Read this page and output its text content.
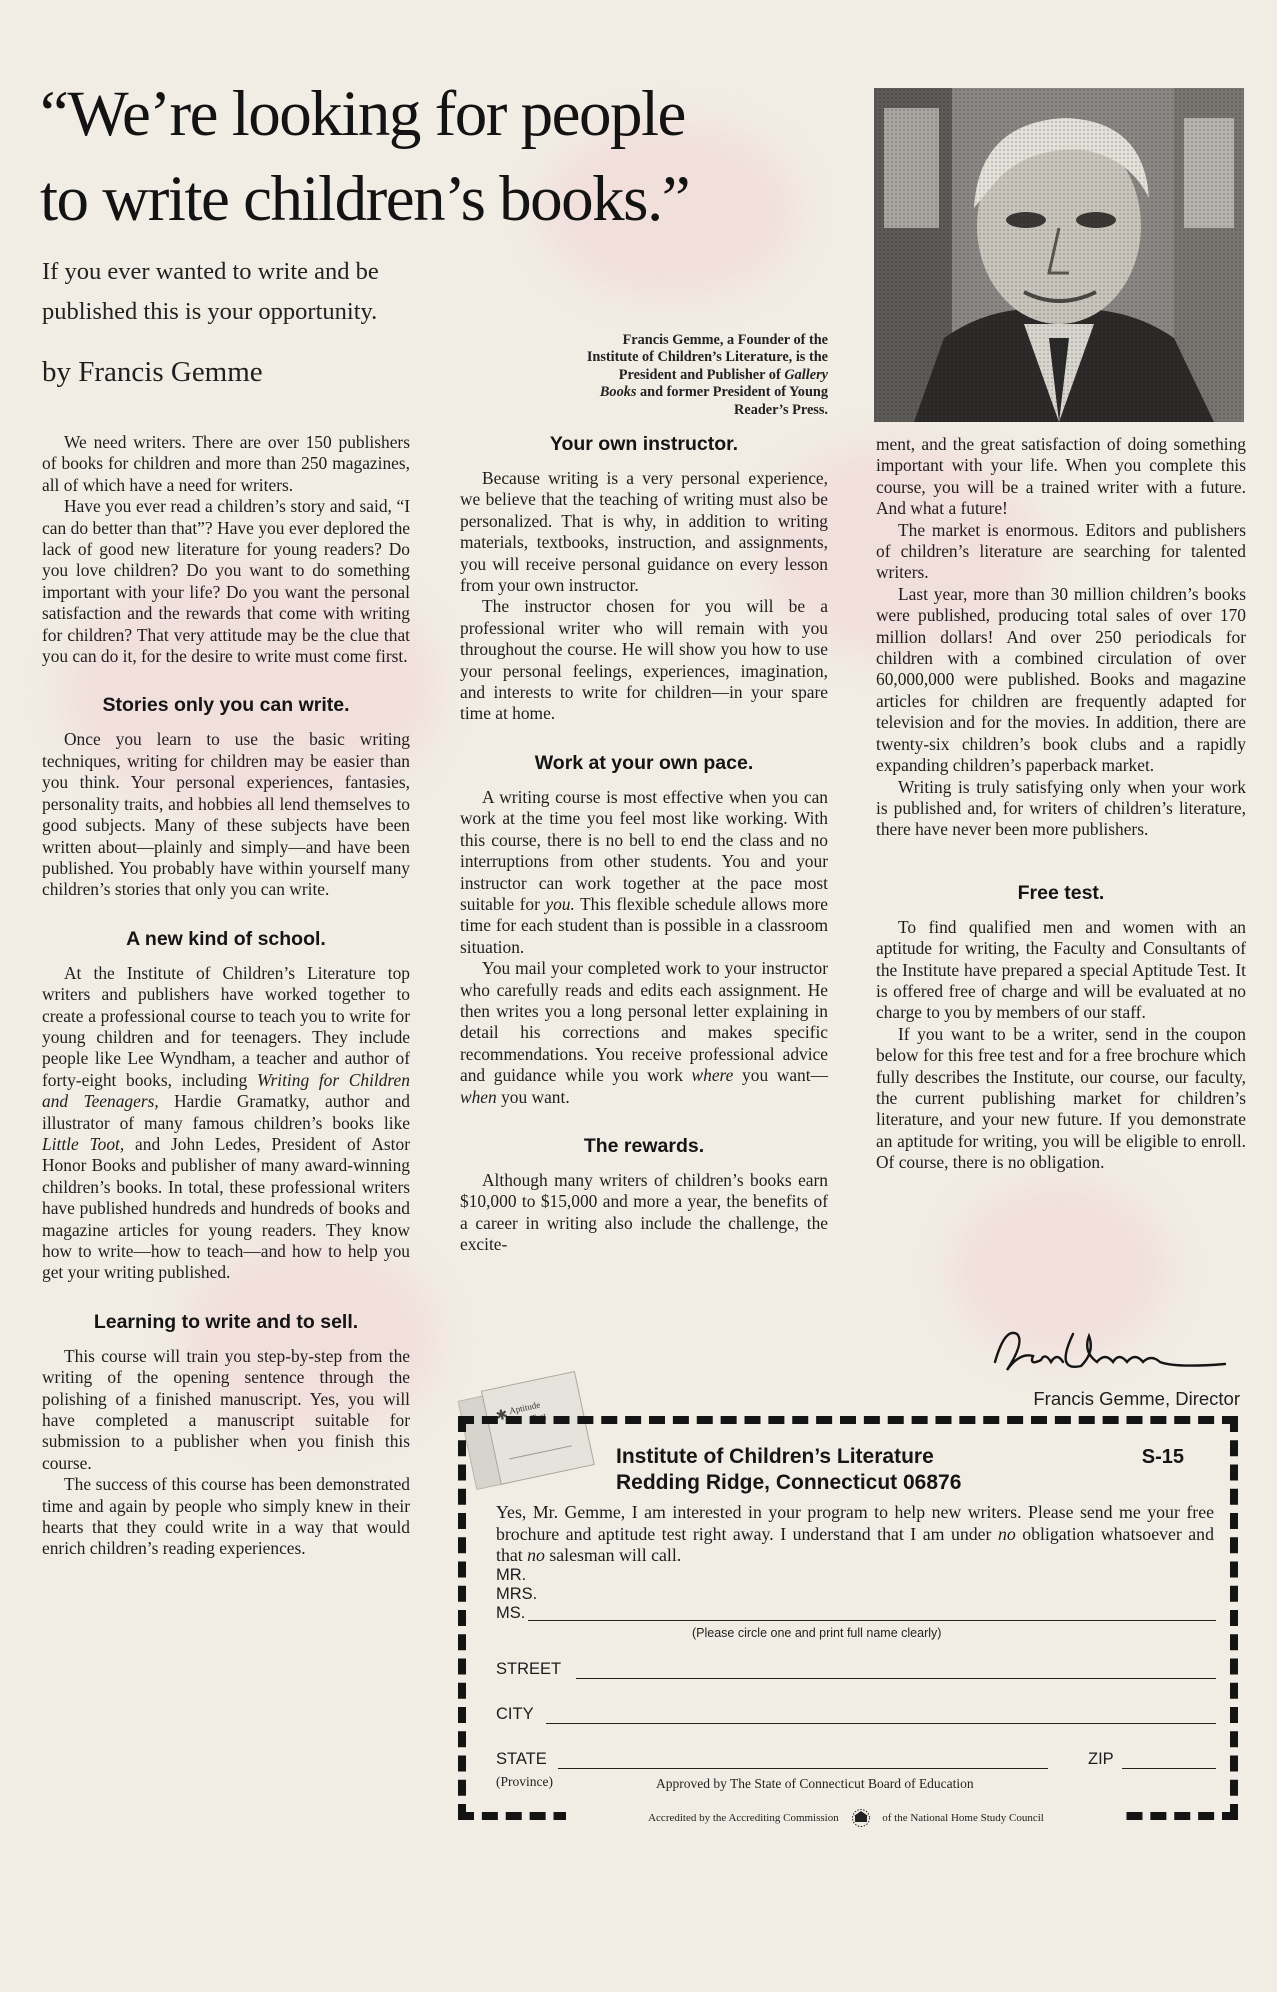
“We’re looking for people
to write children’s books.”
If you ever wanted to write and be
published this is your opportunity.
by Francis Gemme
Francis Gemme, a Founder of the
Institute of Children’s Literature, is the
President and Publisher of Gallery
Books and former President of Young
Reader’s Press.

We need writers. There are over 150 publishers of books for children and more than 250 magazines, all of which have a need for writers.

Have you ever read a children’s story and said, “I can do better than that”? Have you ever deplored the lack of good new literature for young readers? Do you love children? Do you want to do something important with your life? Do you want the personal satisfaction and the rewards that come with writing for children? That very attitude may be the clue that you can do it, for the desire to write must come first.

Stories only you can write.

Once you learn to use the basic writing techniques, writing for children may be easier than you think. Your personal experiences, fantasies, personality traits, and hobbies all lend themselves to good subjects. Many of these subjects have been written about—plainly and simply—and have been published. You probably have within yourself many children’s stories that only you can write.

A new kind of school.

At the Institute of Children’s Literature top writers and publishers have worked together to create a professional course to teach you to write for young children and for teenagers. They include people like Lee Wyndham, a teacher and author of forty-eight books, including Writing for Children and Teenagers, Hardie Gramatky, author and illustrator of many famous children’s books like Little Toot, and John Ledes, President of Astor Honor Books and publisher of many award-winning children’s books. In total, these professional writers have published hundreds and hundreds of books and magazine articles for young readers. They know how to write—how to teach—and how to help you get your writing published.

Learning to write and to sell.

This course will train you step-by-step from the writing of the opening sentence through the polishing of a finished manuscript. Yes, you will have completed a manuscript suitable for submission to a publisher when you finish this course.

The success of this course has been demonstrated time and again by people who simply knew in their hearts that they could write in a way that would enrich children’s reading experiences.

Your own instructor.

Because writing is a very personal experience, we believe that the teaching of writing must also be personalized. That is why, in addition to writing materials, textbooks, instruction, and assignments, you will receive personal guidance on every lesson from your own instructor.

The instructor chosen for you will be a professional writer who will remain with you throughout the course. He will show you how to use your personal feelings, experiences, imagination, and interests to write for children—in your spare time at home.

Work at your own pace.

A writing course is most effective when you can work at the time you feel most like working. With this course, there is no bell to end the class and no interruptions from other students. You and your instructor can work together at the pace most suitable for you. This flexible schedule allows more time for each student than is possible in a classroom situation.

You mail your completed work to your instructor who carefully reads and edits each assignment. He then writes you a long personal letter explaining in detail his corrections and makes specific recommendations. You receive professional advice and guidance while you work where you want—when you want.

The rewards.

Although many writers of children’s books earn $10,000 to $15,000 and more a year, the benefits of a career in writing also include the challenge, the excite-

ment, and the great satisfaction of doing something important with your life. When you complete this course, you will be a trained writer with a future. And what a future!

The market is enormous. Editors and publishers of children’s literature are searching for talented writers.

Last year, more than 30 million children’s books were published, producing total sales of over 170 million dollars! And over 250 periodicals for children with a combined circulation of over 60,000,000 were published. Books and magazine articles for children are frequently adapted for television and for the movies. In addition, there are twenty-six children’s book clubs and a rapidly expanding children’s paperback market.

Writing is truly satisfying only when your work is published and, for writers of children’s literature, there have never been more publishers.

Free test.

To find qualified men and women with an aptitude for writing, the Faculty and Consultants of the Institute have prepared a special Aptitude Test. It is offered free of charge and will be evaluated at no charge to you by members of our staff.

If you want to be a writer, send in the coupon below for this free test and for a free brochure which fully describes the Institute, our course, our faculty, the current publishing market for children’s literature, and your new future. If you demonstrate an aptitude for writing, you will be eligible to enroll. Of course, there is no obligation.

Francis Gemme, Director
Aptitude
Test
✱
Institute of Children’s Literature
Redding Ridge, Connecticut 06876
S-15

Yes, Mr. Gemme, I am interested in your program to help new writers. Please send me your free brochure and aptitude test right away. I understand that I am under no obligation whatsoever and that no salesman will call.

MR.
MRS.
MS.
(Please circle one and print full name clearly)
STREET
CITY
STATE	ZIP
(Province)	Approved by The State of Connecticut Board of Education
Accredited by the Accrediting Commission	of the National Home Study Council
